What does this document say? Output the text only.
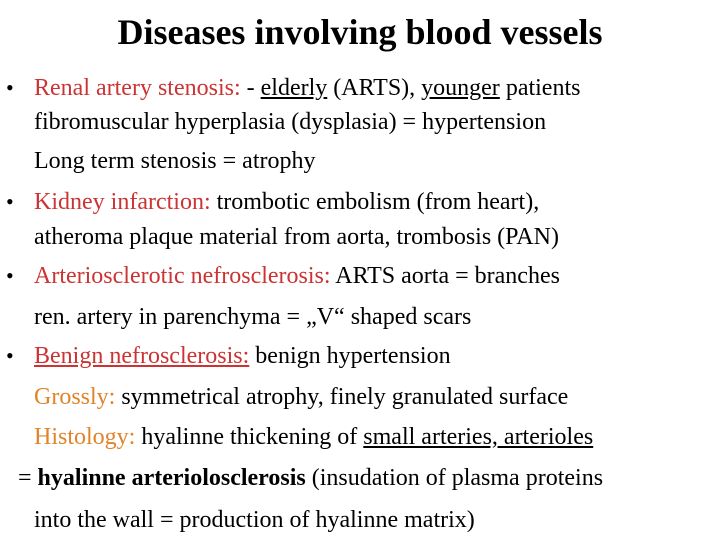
Diseases involving blood vessels
• Renal artery stenosis: - elderly (ARTS), younger patients
fibromuscular hyperplasia (dysplasia) = hypertension
Long term stenosis = atrophy
• Kidney infarction: trombotic embolism (from heart),
atheroma plaque material from aorta, trombosis (PAN)
• Arteriosclerotic nefrosclerosis: ARTS aorta = branches
ren. artery in parenchyma = „V“ shaped scars
• Benign nefrosclerosis: benign hypertension
Grossly: symmetrical atrophy, finely granulated surface
Histology: hyalinne thickening of small arteries, arterioles
= hyalinne arteriolosclerosis (insudation of plasma proteins
into the wall = production of hyalinne matrix)
